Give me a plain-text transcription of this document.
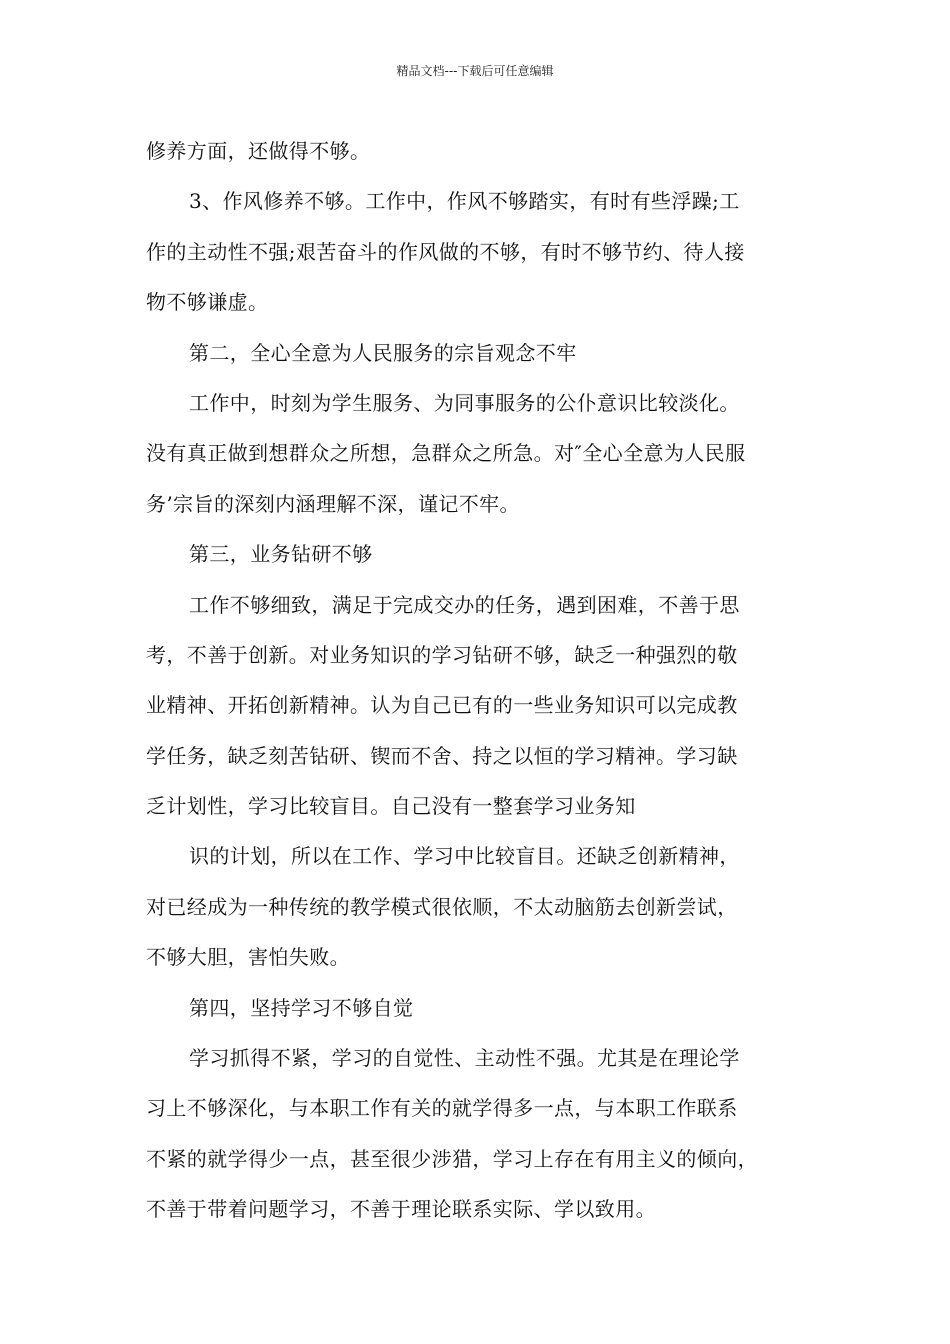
精品文档---下载后可任意编辑
修养方面，还做得不够。
3、作风修养不够。工作中，作风不够踏实，有时有些浮躁;工
作的主动性不强;艰苦奋斗的作风做的不够，有时不够节约、待人接
物不够谦虚。
第二，全心全意为人民服务的宗旨观念不牢
工作中，时刻为学生服务、为同事服务的公仆意识比较淡化。
没有真正做到想群众之所想，急群众之所急。对″全心全意为人民服
务’宗旨的深刻内涵理解不深，谨记不牢。
第三，业务钻研不够
工作不够细致，满足于完成交办的任务，遇到困难，不善于思
考，不善于创新。对业务知识的学习钻研不够，缺乏一种强烈的敬
业精神、开拓创新精神。认为自己已有的一些业务知识可以完成教
学任务，缺乏刻苦钻研、锲而不舍、持之以恒的学习精神。学习缺
乏计划性，学习比较盲目。自己没有一整套学习业务知
识的计划，所以在工作、学习中比较盲目。还缺乏创新精神，
对已经成为一种传统的教学模式很依顺，不太动脑筋去创新尝试，
不够大胆，害怕失败。
第四，坚持学习不够自觉
学习抓得不紧，学习的自觉性、主动性不强。尤其是在理论学
习上不够深化，与本职工作有关的就学得多一点，与本职工作联系
不紧的就学得少一点，甚至很少涉猎，学习上存在有用主义的倾向，
不善于带着问题学习，不善于理论联系实际、学以致用。
